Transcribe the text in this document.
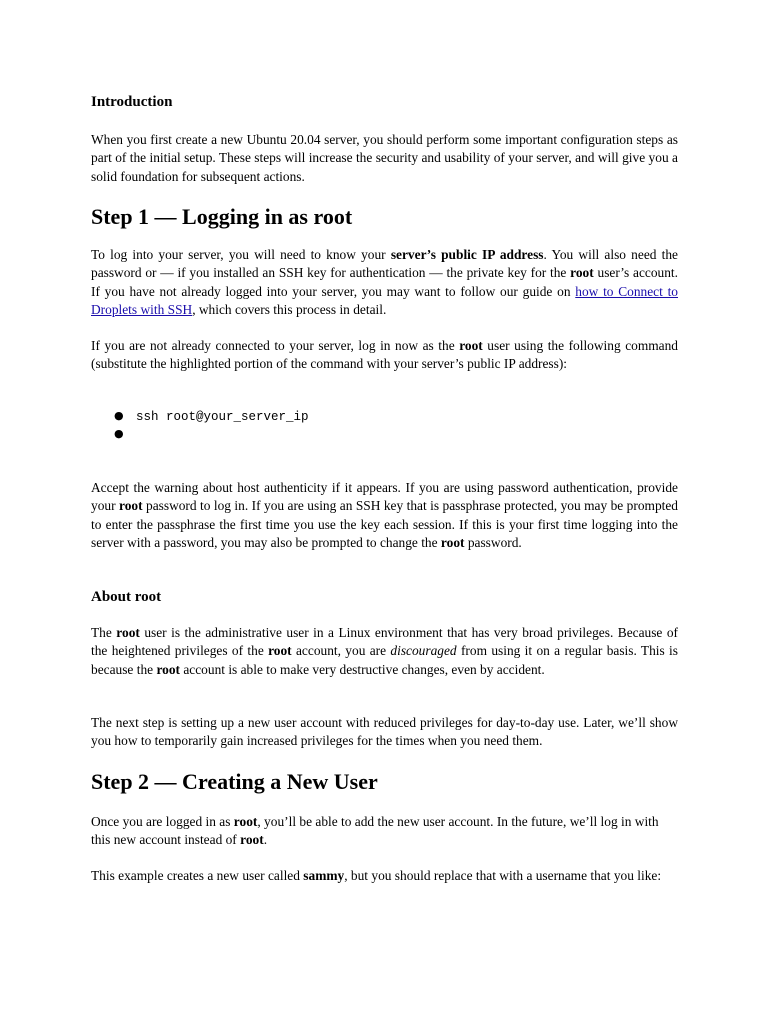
Introduction

When you first create a new Ubuntu 20.04 server, you should perform some important configuration steps as part of the initial setup. These steps will increase the security and usability of your server, and will give you a solid foundation for subsequent actions.

Step 1 — Logging in as root

To log into your server, you will need to know your server’s public IP address. You will also need the password or — if you installed an SSH key for authentication — the private key for the root user’s account. If you have not already logged into your server, you may want to follow our guide on how to Connect to Droplets with SSH, which covers this process in detail.

If you are not already connected to your server, log in now as the root user using the following command (substitute the highlighted portion of the command with your server’s public IP address):

● ssh root@your_server_ip
●

Accept the warning about host authenticity if it appears. If you are using password authentication, provide your root password to log in. If you are using an SSH key that is passphrase protected, you may be prompted to enter the passphrase the first time you use the key each session. If this is your first time logging into the server with a password, you may also be prompted to change the root password.

About root

The root user is the administrative user in a Linux environment that has very broad privileges. Because of the heightened privileges of the root account, you are discouraged from using it on a regular basis. This is because the root account is able to make very destructive changes, even by accident.

The next step is setting up a new user account with reduced privileges for day-to-day use. Later, we’ll show you how to temporarily gain increased privileges for the times when you need them.

Step 2 — Creating a New User

Once you are logged in as root, you’ll be able to add the new user account. In the future, we’ll log in with this new account instead of root.

This example creates a new user called sammy, but you should replace that with a username that you like:
